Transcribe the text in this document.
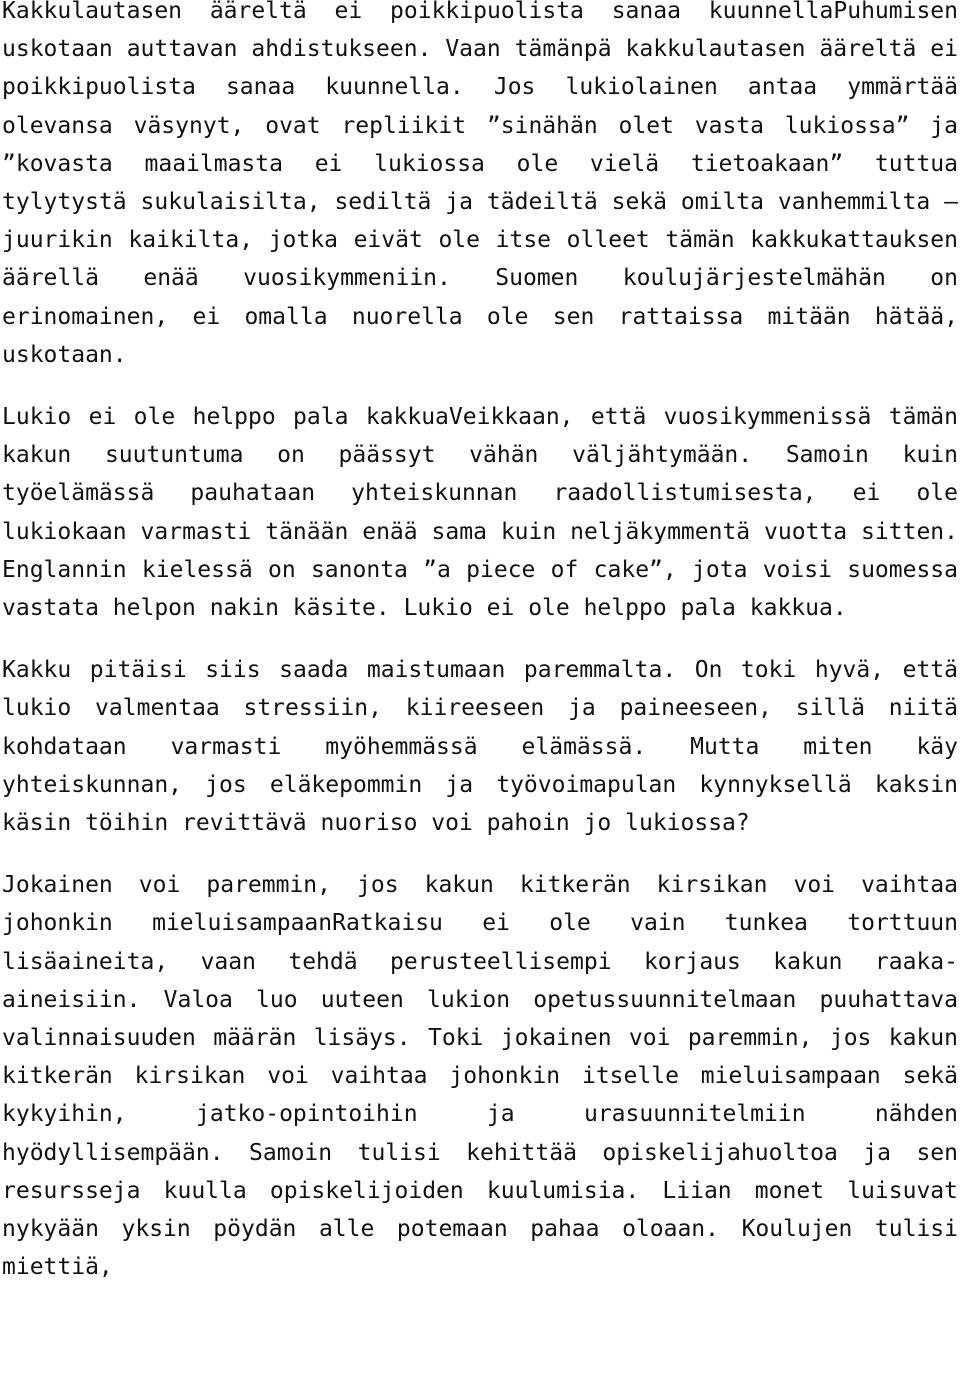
Kakkulautasen ääreltä ei poikkipuolista sanaa kuunnellaPuhumisen uskotaan auttavan ahdistukseen. Vaan tämänpä kakkulautasen ääreltä ei poikkipuolista sanaa kuunnella. Jos lukiolainen antaa ymmärtää olevansa väsynyt, ovat repliikit ”sinähän olet vasta lukiossa” ja ”kovasta maailmasta ei lukiossa ole vielä tietoakaan” tuttua tylytystä sukulaisilta, sediltä ja tädeiltä sekä omilta vanhemmilta — juurikin kaikilta, jotka eivät ole itse olleet tämän kakkukattauksen äärellä enää vuosikymmeniin. Suomen koulujärjestelmähän on erinomainen, ei omalla nuorella ole sen rattaissa mitään hätää, uskotaan.

Lukio ei ole helppo pala kakkuaVeikkaan, että vuosikymmenissä tämän kakun suutuntuma on päässyt vähän väljähtymään. Samoin kuin työelämässä pauhataan yhteiskunnan raadollistumisesta, ei ole lukiokaan varmasti tänään enää sama kuin neljäkymmentä vuotta sitten. Englannin kielessä on sanonta ”a piece of cake”, jota voisi suomessa vastata helpon nakin käsite. Lukio ei ole helppo pala kakkua.

Kakku pitäisi siis saada maistumaan paremmalta. On toki hyvä, että lukio valmentaa stressiin, kiireeseen ja paineeseen, sillä niitä kohdataan varmasti myöhemmässä elämässä. Mutta miten käy yhteiskunnan, jos eläkepommin ja työvoimapulan kynnyksellä kaksin käsin töihin revittävä nuoriso voi pahoin jo lukiossa?

Jokainen voi paremmin, jos kakun kitkerän kirsikan voi vaihtaa johonkin mieluisampaanRatkaisu ei ole vain tunkea torttuun lisäaineita, vaan tehdä perusteellisempi korjaus kakun raaka-aineisiin. Valoa luo uuteen lukion opetussuunnitelmaan puuhattava valinnaisuuden määrän lisäys. Toki jokainen voi paremmin, jos kakun kitkerän kirsikan voi vaihtaa johonkin itselle mieluisampaan sekä kykyihin, jatko-opintoihin ja urasuunnitelmiin nähden hyödyllisempään. Samoin tulisi kehittää opiskelijahuoltoa ja sen resursseja kuulla opiskelijoiden kuulumisia. Liian monet luisuvat nykyään yksin pöydän alle potemaan pahaa oloaan. Koulujen tulisi miettiä,
